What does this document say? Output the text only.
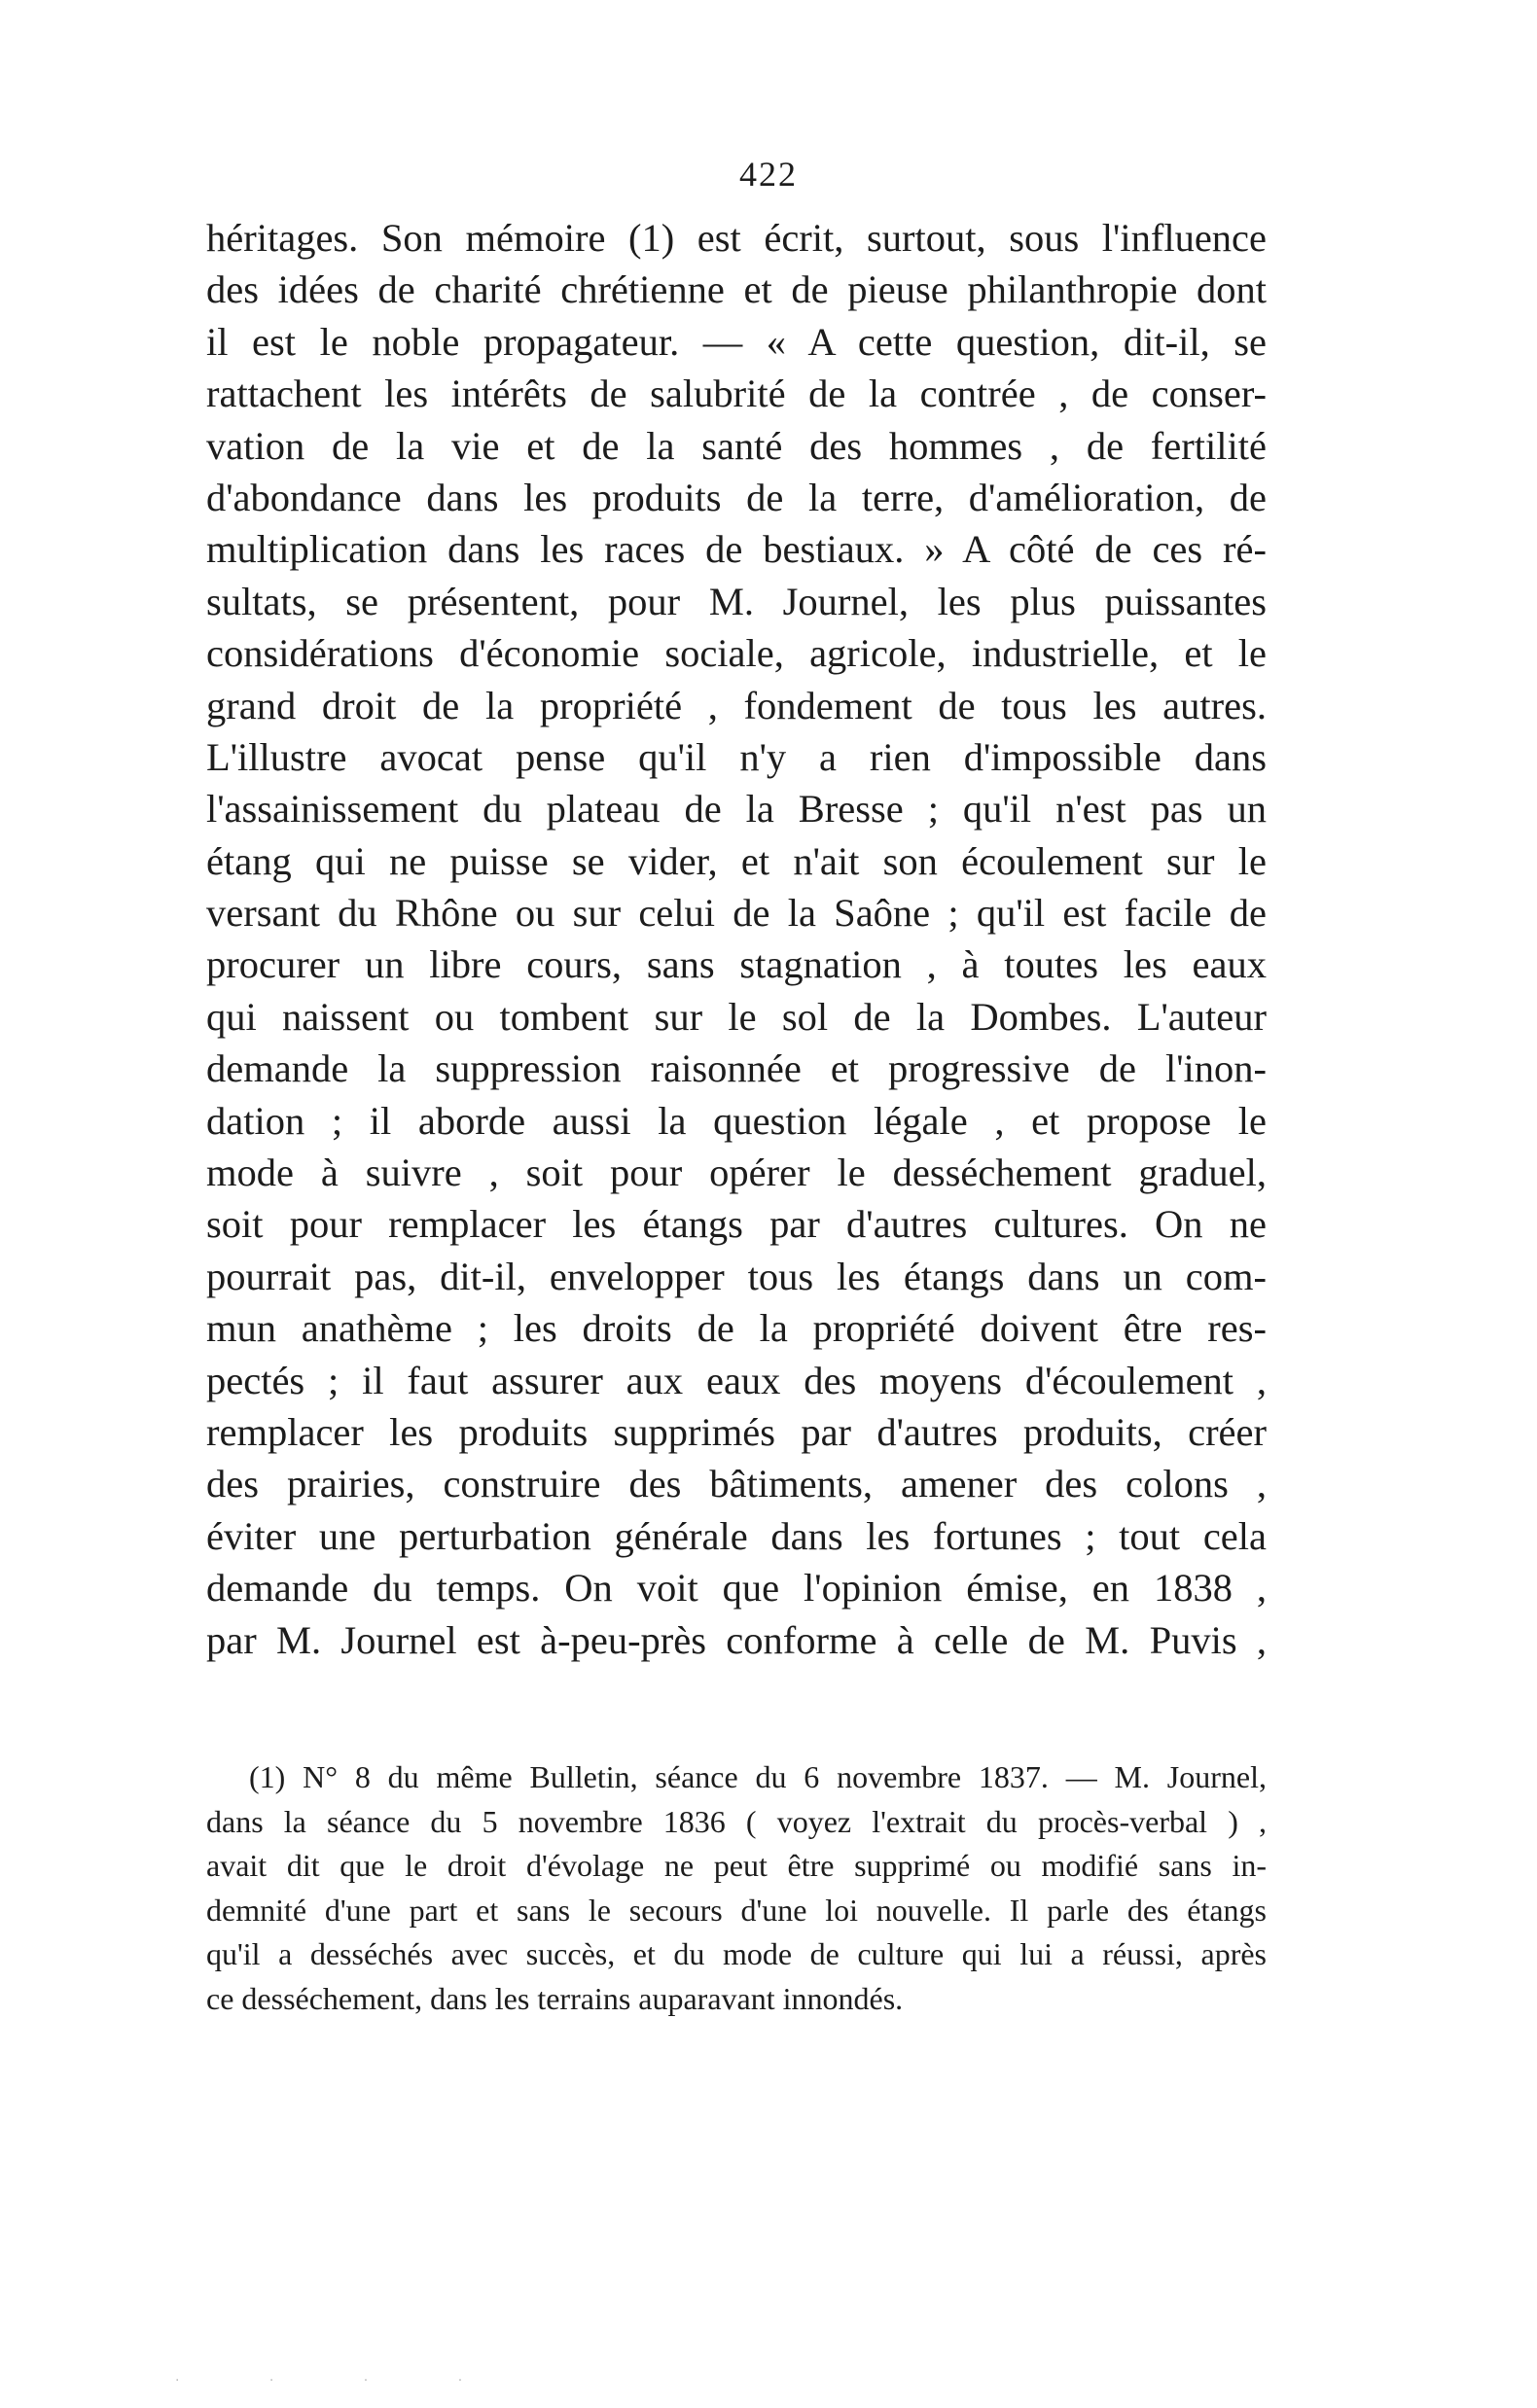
422
héritages. Son mémoire (1) est écrit, surtout, sous l'influence
des idées de charité chrétienne et de pieuse philanthropie dont
il est le noble propagateur. — « A cette question, dit-il, se
rattachent les intérêts de salubrité de la contrée , de conser-
vation de la vie et de la santé des hommes , de fertilité
d'abondance dans les produits de la terre, d'amélioration, de
multiplication dans les races de bestiaux. » A côté de ces ré-
sultats, se présentent, pour M. Journel, les plus puissantes
considérations d'économie sociale, agricole, industrielle, et le
grand droit de la propriété , fondement de tous les autres.
L'illustre avocat pense qu'il n'y a rien d'impossible dans
l'assainissement du plateau de la Bresse ; qu'il n'est pas un
étang qui ne puisse se vider, et n'ait son écoulement sur le
versant du Rhône ou sur celui de la Saône ; qu'il est facile de
procurer un libre cours, sans stagnation , à toutes les eaux
qui naissent ou tombent sur le sol de la Dombes. L'auteur
demande la suppression raisonnée et progressive de l'inon-
dation ; il aborde aussi la question légale , et propose le
mode à suivre , soit pour opérer le desséchement graduel,
soit pour remplacer les étangs par d'autres cultures. On ne
pourrait pas, dit-il, envelopper tous les étangs dans un com-
mun anathème ; les droits de la propriété doivent être res-
pectés ; il faut assurer aux eaux des moyens d'écoulement ,
remplacer les produits supprimés par d'autres produits, créer
des prairies, construire des bâtiments, amener des colons ,
éviter une perturbation générale dans les fortunes ; tout cela
demande du temps. On voit que l'opinion émise, en 1838 ,
par M. Journel est à-peu-près conforme à celle de M. Puvis ,
(1) N° 8 du même Bulletin, séance du 6 novembre 1837. — M. Journel,
dans la séance du 5 novembre 1836 ( voyez l'extrait du procès-verbal ) ,
avait dit que le droit d'évolage ne peut être supprimé ou modifié sans in-
demnité d'une part et sans le secours d'une loi nouvelle. Il parle des étangs
qu'il a desséchés avec succès, et du mode de culture qui lui a réussi, après
ce desséchement, dans les terrains auparavant innondés.
· · · ·
